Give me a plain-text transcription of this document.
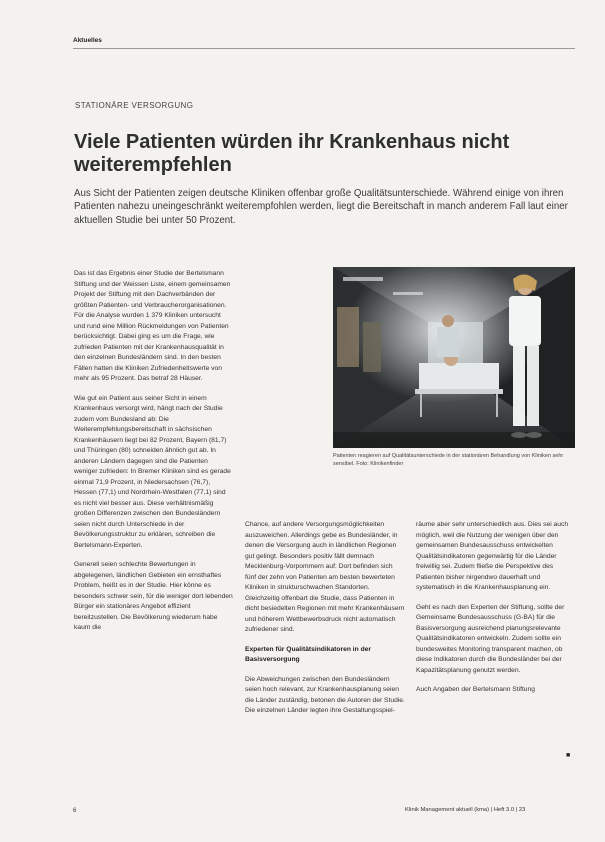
Aktuelles
STATIONÄRE VERSORGUNG
Viele Patienten würden ihr Krankenhaus nicht weiterempfehlen

Aus Sicht der Patienten zeigen deutsche Kliniken offenbar große Qualitätsunterschiede. Während einige von ihren Patienten nahezu uneingeschränkt weiterempfohlen werden, liegt die Bereitschaft in manch anderem Fall laut einer aktuellen Studie bei unter 50 Prozent.

Das ist das Ergebnis einer Studie der Bertelsmann Stiftung und der Weissen Liste, einem gemeinsamen Projekt der Stiftung mit den Dachverbänden der größten Patienten- und Verbraucherorganisationen. Für die Analyse wurden 1 379 Kliniken untersucht und rund eine Million Rückmeldungen von Patienten berücksichtigt. Dabei ging es um die Frage, wie zufrieden Patienten mit der Krankenhausqualität in den einzelnen Bundesländern sind. In den besten Fällen hatten die Kliniken Zufriedenheitswerte von mehr als 95 Prozent. Das betraf 28 Häuser.

Wie gut ein Patient aus seiner Sicht in einem Krankenhaus versorgt wird, hängt nach der Studie zudem vom Bundesland ab: Die Weiterempfehlungsbereitschaft in sächsischen Krankenhäusern liegt bei 82 Prozent, Bayern (81,7) und Thüringen (80) schneiden ähnlich gut ab. In anderen Ländern dagegen sind die Patienten weniger zufrieden: In Bremer Kliniken sind es gerade einmal 71,9 Prozent, in Niedersachsen (76,7), Hessen (77,1) und Nordrhein-Westfalen (77,1) sind es nicht viel besser aus. Diese verhältnismäßig großen Differenzen zwischen den Bundesländern seien nicht durch Unterschiede in der Bevölkerungsstruktur zu erklären, schreiben die Bertelsmann-Experten.

Generell seien schlechte Bewertungen in abgelegenen, ländlichen Gebieten ein ernsthaftes Problem, heißt es in der Studie. Hier könne es besonders schwer sein, für die weniger dort lebenden Bürger ein stationäres Angebot effizient bereitzustellen. Die Bevölkerung wiederum habe kaum die

Chance, auf andere Versorgungsmöglichkeiten auszuweichen. Allerdings gebe es Bundesländer, in denen die Versorgung auch in ländlichen Regionen gut gelingt. Besonders positiv fällt demnach Mecklenburg-Vorpommern auf: Dort befinden sich fünf der zehn von Patienten am besten bewerteten Kliniken in strukturschwachen Standorten. Gleichzeitig offenbart die Studie, dass Patienten in dicht besiedelten Regionen mit mehr Krankenhäusern und höherem Wettbewerbsdruck nicht automatisch zufriedener sind.

Experten für Qualitätsindikatoren in der Basisversorgung

Die Abweichungen zwischen den Bundesländern seien hoch relevant, zur Krankenhausplanung seien die Länder zuständig, betonen die Autoren der Studie. Die einzelnen Länder legten ihre Gestaltungsspiel-

räume aber sehr unterschiedlich aus. Dies sei auch möglich, weil die Nutzung der wenigen über den gemeinsamen Bundesausschuss entwickelten Qualitätsindikatoren gegenwärtig für die Länder freiwillig sei. Zudem fließe die Perspektive des Patienten bisher nirgendwo dauerhaft und systematisch in die Krankenhausplanung ein.

Geht es nach den Experten der Stiftung, sollte der Gemeinsame Bundesausschuss (G-BA) für die Basisversorgung ausreichend planungsrelevante Qualitätsindikatoren entwickeln. Zudem sollte ein bundesweites Monitoring transparent machen, ob diese Indikatoren durch die Bundesländer bei der Kapazitätsplanung genutzt werden.

Auch Angaben der Bertelsmann Stiftung

■

Patienten reagieren auf Qualitätsunterschiede in der stationären Behandlung von Kliniken sehr sensibel. Foto: Klinikenfinder

6	Klinik Management aktuell (kma) | Heft 3.0 | 23
